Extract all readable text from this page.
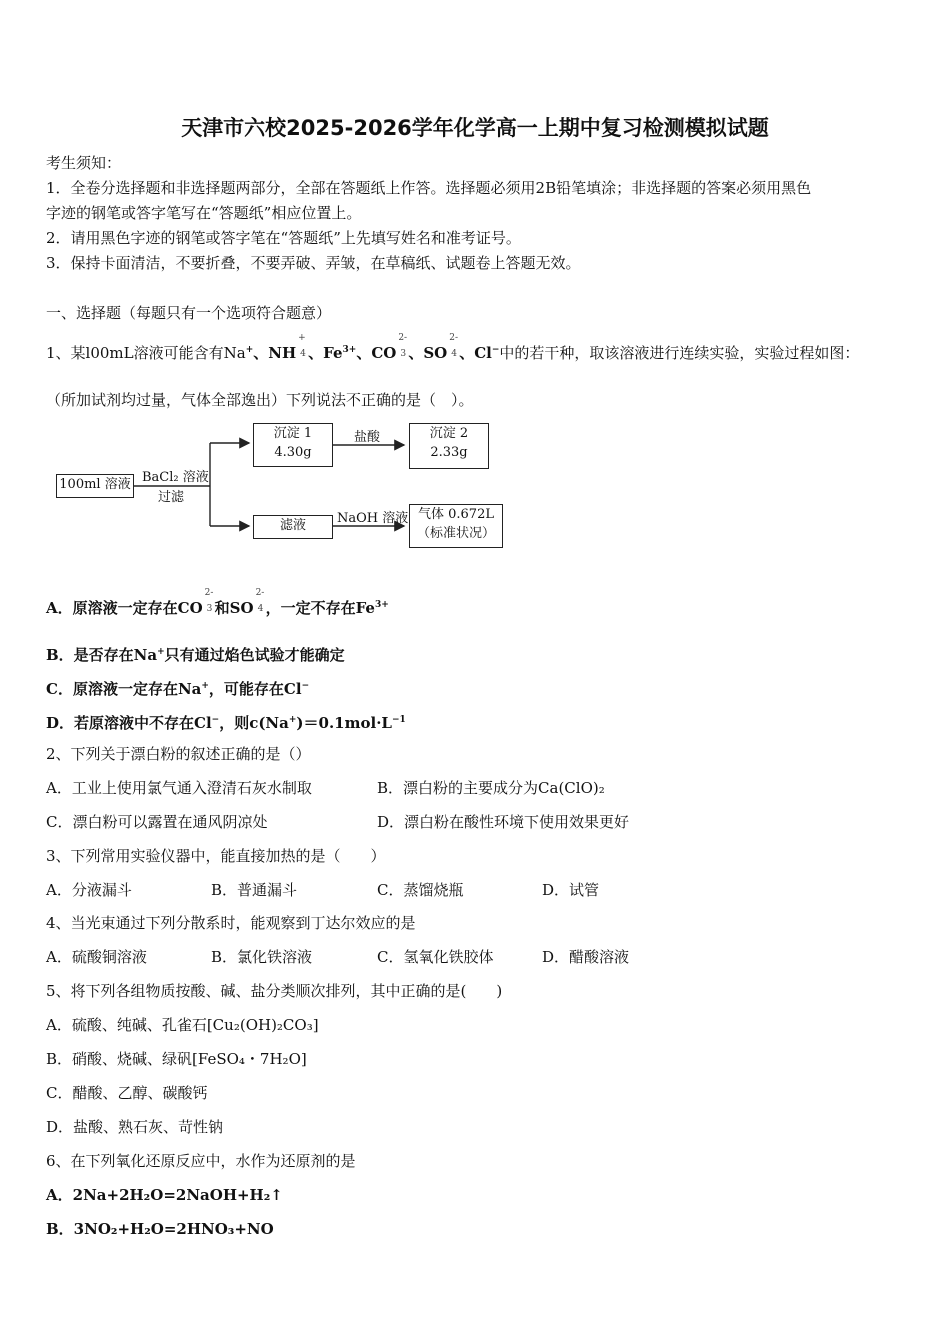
天津市六校2025-2026学年化学高一上期中复习检测模拟试题
考生须知：
1．全卷分选择题和非选择题两部分，全部在答题纸上作答。选择题必须用2B铅笔填涂；非选择题的答案必须用黑色
字迹的钢笔或答字笔写在“答题纸”相应位置上。
2．请用黑色字迹的钢笔或答字笔在“答题纸”上先填写姓名和准考证号。
3．保持卡面清洁，不要折叠，不要弄破、弄皱，在草稿纸、试题卷上答题无效。
一、选择题（每题只有一个选项符合题意）
1、某l00mL溶液可能含有Na+、NH
+
4 、$Fe^{3+}$、CO
2-
3 、SO
2-
4 、Cl−中的若干种，取该溶液进行连续实验，实验过程如图：
（所加试剂均过量，气体全部逸出）下列说法不正确的是（　）。
100ml 溶液 BaCl₂ 溶液
过滤
沉淀 1
4.30g
盐酸	沉淀 2
2.33g
滤液	NaOH 溶液 气体 0.672L
（标准状况）
A．原溶液一定存在CO
2-
3 和SO
2-
4 ，一定不存在$Fe^{3+}$
B．是否存在Na+只有通过焰色试验才能确定
C．原溶液一定存在Na+，可能存在Cl−
D．若原溶液中不存在Cl−，则$c(Na^+)=0.1mol\cdot L^{-1}$
2、下列关于漂白粉的叙述正确的是（）
A．工业上使用氯气通入澄清石灰水制取	B．漂白粉的主要成分为Ca(ClO)₂
C．漂白粉可以露置在通风阴凉处	D．漂白粉在酸性环境下使用效果更好
3、下列常用实验仪器中，能直接加热的是（　　）
A．分液漏斗	B．普通漏斗	C．蒸馏烧瓶	D．试管
4、当光束通过下列分散系时，能观察到丁达尔效应的是
A．硫酸铜溶液	B．氯化铁溶液	C．氢氧化铁胶体	D．醋酸溶液
5、将下列各组物质按酸、碱、盐分类顺次排列，其中正确的是(　　)
A．硫酸、纯碱、孔雀石[Cu₂(OH)₂CO₃]
B．硝酸、烧碱、绿矾[FeSO₄・7H₂O]
C．醋酸、乙醇、碳酸钙
D．盐酸、熟石灰、苛性钠
6、在下列氧化还原反应中，水作为还原剂的是
A．2Na+2H₂O=2NaOH+H₂↑
B．3NO₂+H₂O=2HNO₃+NO
